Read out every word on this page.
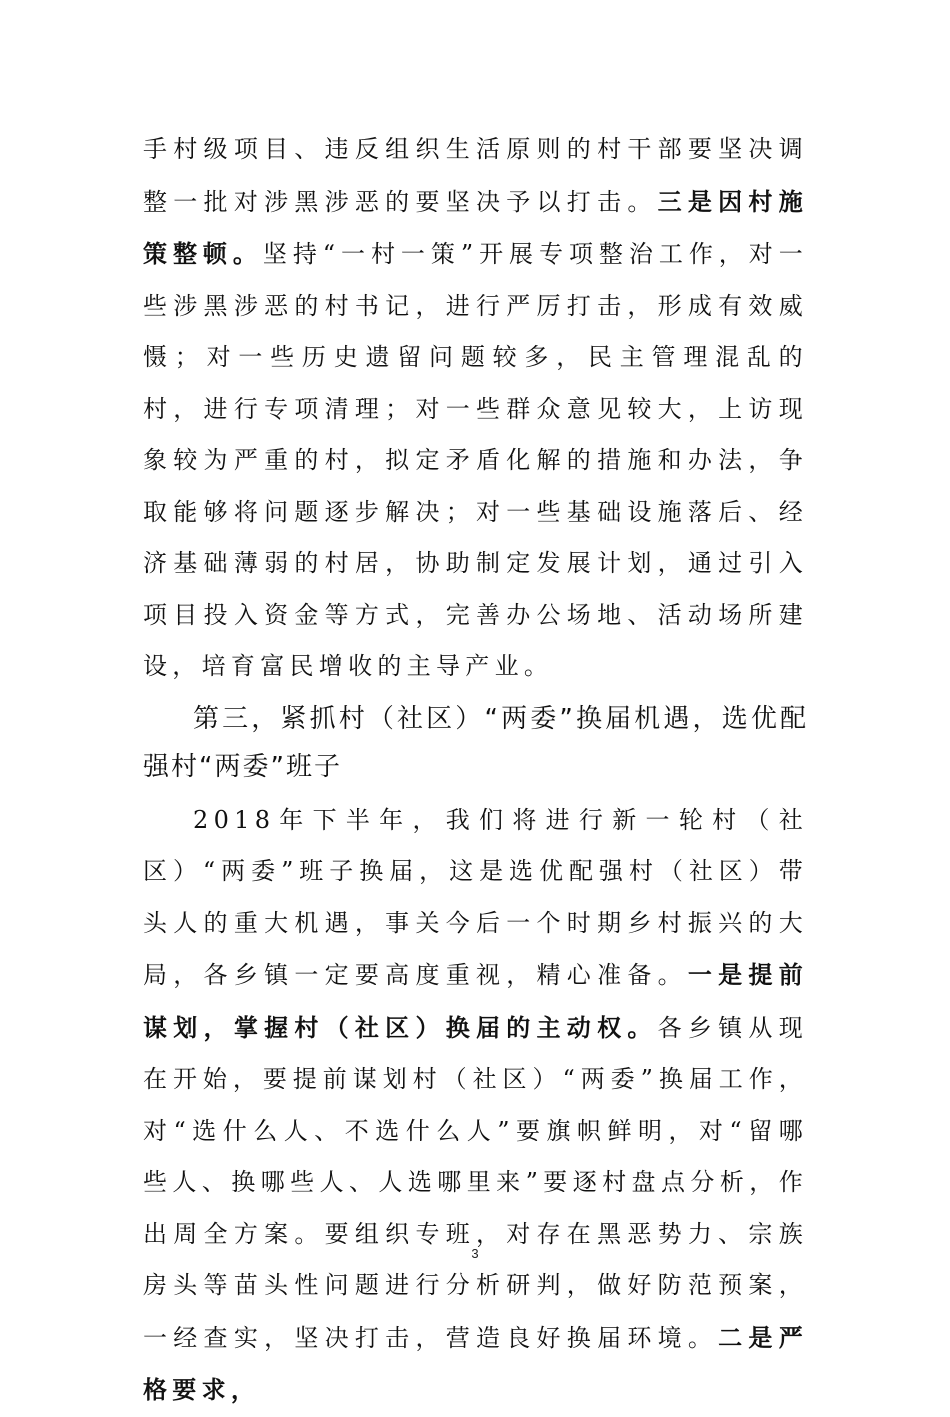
手村级项目、违反组织生活原则的村干部要坚决调整一批对涉黑涉恶的要坚决予以打击。三是因村施策整顿。坚持“一村一策”开展专项整治工作，对一些涉黑涉恶的村书记，进行严厉打击，形成有效威慑；对一些历史遗留问题较多，民主管理混乱的村，进行专项清理；对一些群众意见较大，上访现象较为严重的村，拟定矛盾化解的措施和办法，争取能够将问题逐步解决；对一些基础设施落后、经济基础薄弱的村居，协助制定发展计划，通过引入项目投入资金等方式，完善办公场地、活动场所建设，培育富民增收的主导产业。

第三，紧抓村（社区）“两委”换届机遇，选优配强村“两委”班子

2018年下半年，我们将进行新一轮村（社区）“两委”班子换届，这是选优配强村（社区）带头人的重大机遇，事关今后一个时期乡村振兴的大局，各乡镇一定要高度重视，精心准备。一是提前谋划，掌握村（社区）换届的主动权。各乡镇从现在开始，要提前谋划村（社区）“两委”换届工作，对“选什么人、不选什么人”要旗帜鲜明，对“留哪些人、换哪些人、人选哪里来”要逐村盘点分析，作出周全方案。要组织专班，对存在黑恶势力、宗族房头等苗头性问题进行分析研判，做好防范预案，一经查实，坚决打击，营造良好换届环境。二是严格要求，

3
